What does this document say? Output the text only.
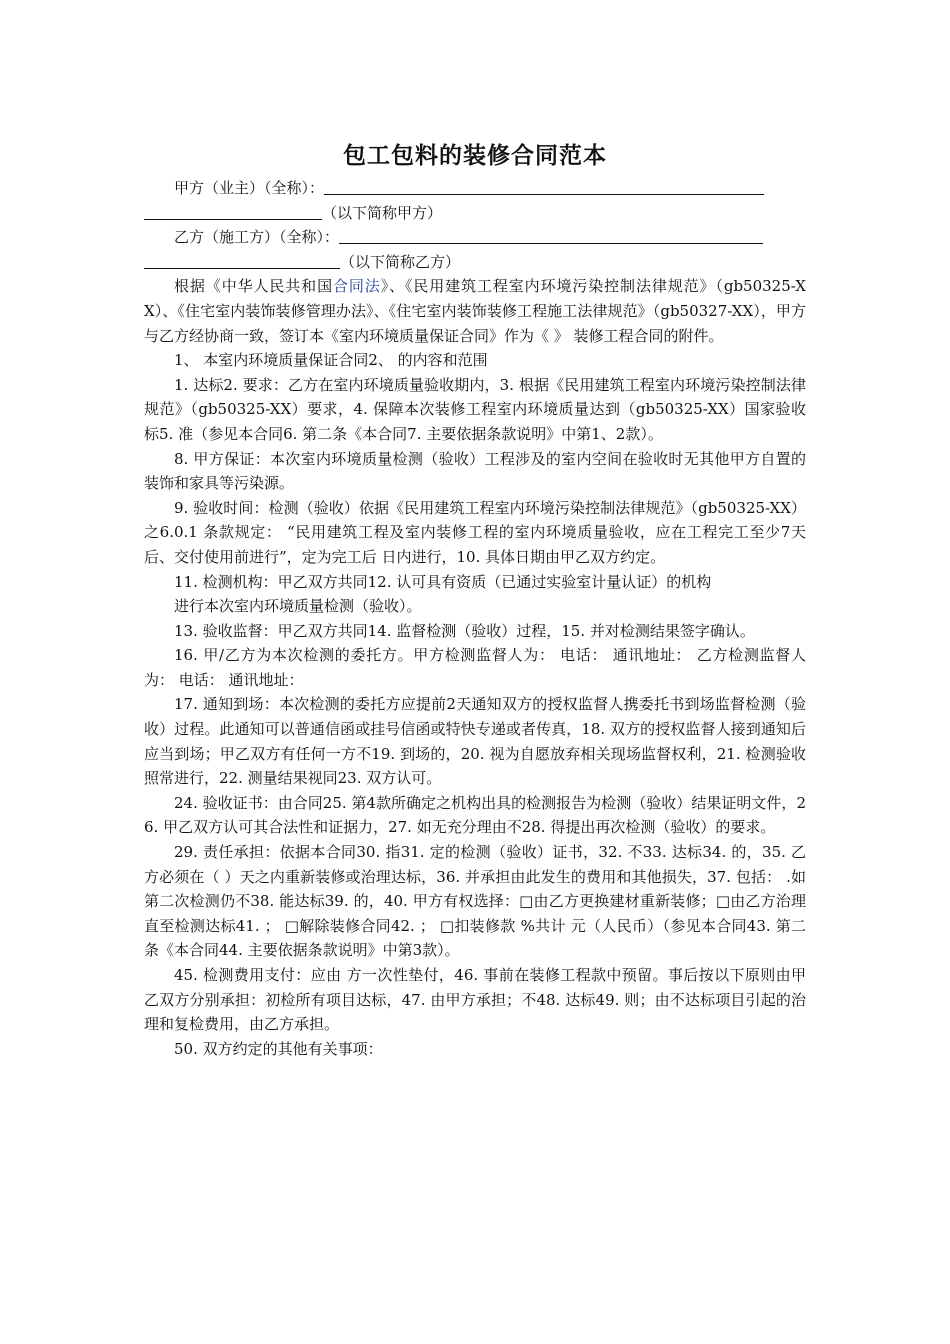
包工包料的装修合同范本

甲方（业主）（全称）：

（以下简称甲方）

乙方（施工方）（全称）：

（以下简称乙方）

根据《中华人民共和国合同法》、《民用建筑工程室内环境污染控制法律规范》（gb50325-XX）、《住宅室内装饰装修管理办法》、《住宅室内装饰装修工程施工法律规范》（gb50327-XX），甲方与乙方经协商一致，签订本《室内环境质量保证合同》作为《 》 装修工程合同的附件。

1、 本室内环境质量保证合同2、 的内容和范围

1. 达标2. 要求：乙方在室内环境质量验收期内，3. 根据《民用建筑工程室内环境污染控制法律规范》（gb50325-XX）要求，4. 保障本次装修工程室内环境质量达到（gb50325-XX）国家验收标5. 准（参见本合同6. 第二条《本合同7. 主要依据条款说明》中第1、2款）。

8. 甲方保证：本次室内环境质量检测（验收）工程涉及的室内空间在验收时无其他甲方自置的装饰和家具等污染源。

9. 验收时间：检测（验收）依据《民用建筑工程室内环境污染控制法律规范》（gb50325-XX）之6.0.1 条款规定： “民用建筑工程及室内装修工程的室内环境质量验收，应在工程完工至少7天后、交付使用前进行”，定为完工后 日内进行，10. 具体日期由甲乙双方约定。

11. 检测机构：甲乙双方共同12. 认可具有资质（已通过实验室计量认证）的机构

进行本次室内环境质量检测（验收）。

13. 验收监督：甲乙双方共同14. 监督检测（验收）过程，15. 并对检测结果签字确认。

16. 甲/乙方为本次检测的委托方。甲方检测监督人为： 电话： 通讯地址： 乙方检测监督人为： 电话： 通讯地址：

17. 通知到场：本次检测的委托方应提前2天通知双方的授权监督人携委托书到场监督检测（验收）过程。此通知可以普通信函或挂号信函或特快专递或者传真，18. 双方的授权监督人接到通知后应当到场；甲乙双方有任何一方不19. 到场的，20. 视为自愿放弃相关现场监督权利，21. 检测验收照常进行，22. 测量结果视同23. 双方认可。

24. 验收证书：由合同25. 第4款所确定之机构出具的检测报告为检测（验收）结果证明文件，26. 甲乙双方认可其合法性和证据力，27. 如无充分理由不28. 得提出再次检测（验收）的要求。

29. 责任承担：依据本合同30. 指31. 定的检测（验收）证书，32. 不33. 达标34. 的，35. 乙方必须在（ ）天之内重新装修或治理达标，36. 并承担由此发生的费用和其他损失，37. 包括： .如第二次检测仍不38. 能达标39. 的，40. 甲方有权选择：□由乙方更换建材重新装修；□由乙方治理直至检测达标41. ； □解除装修合同42. ； □扣装修款 %共计 元（人民币）（参见本合同43. 第二条《本合同44. 主要依据条款说明》中第3款）。

45. 检测费用支付：应由 方一次性垫付，46. 事前在装修工程款中预留。事后按以下原则由甲乙双方分别承担：初检所有项目达标，47. 由甲方承担；不48. 达标49. 则；由不达标项目引起的治理和复检费用，由乙方承担。

50. 双方约定的其他有关事项：
